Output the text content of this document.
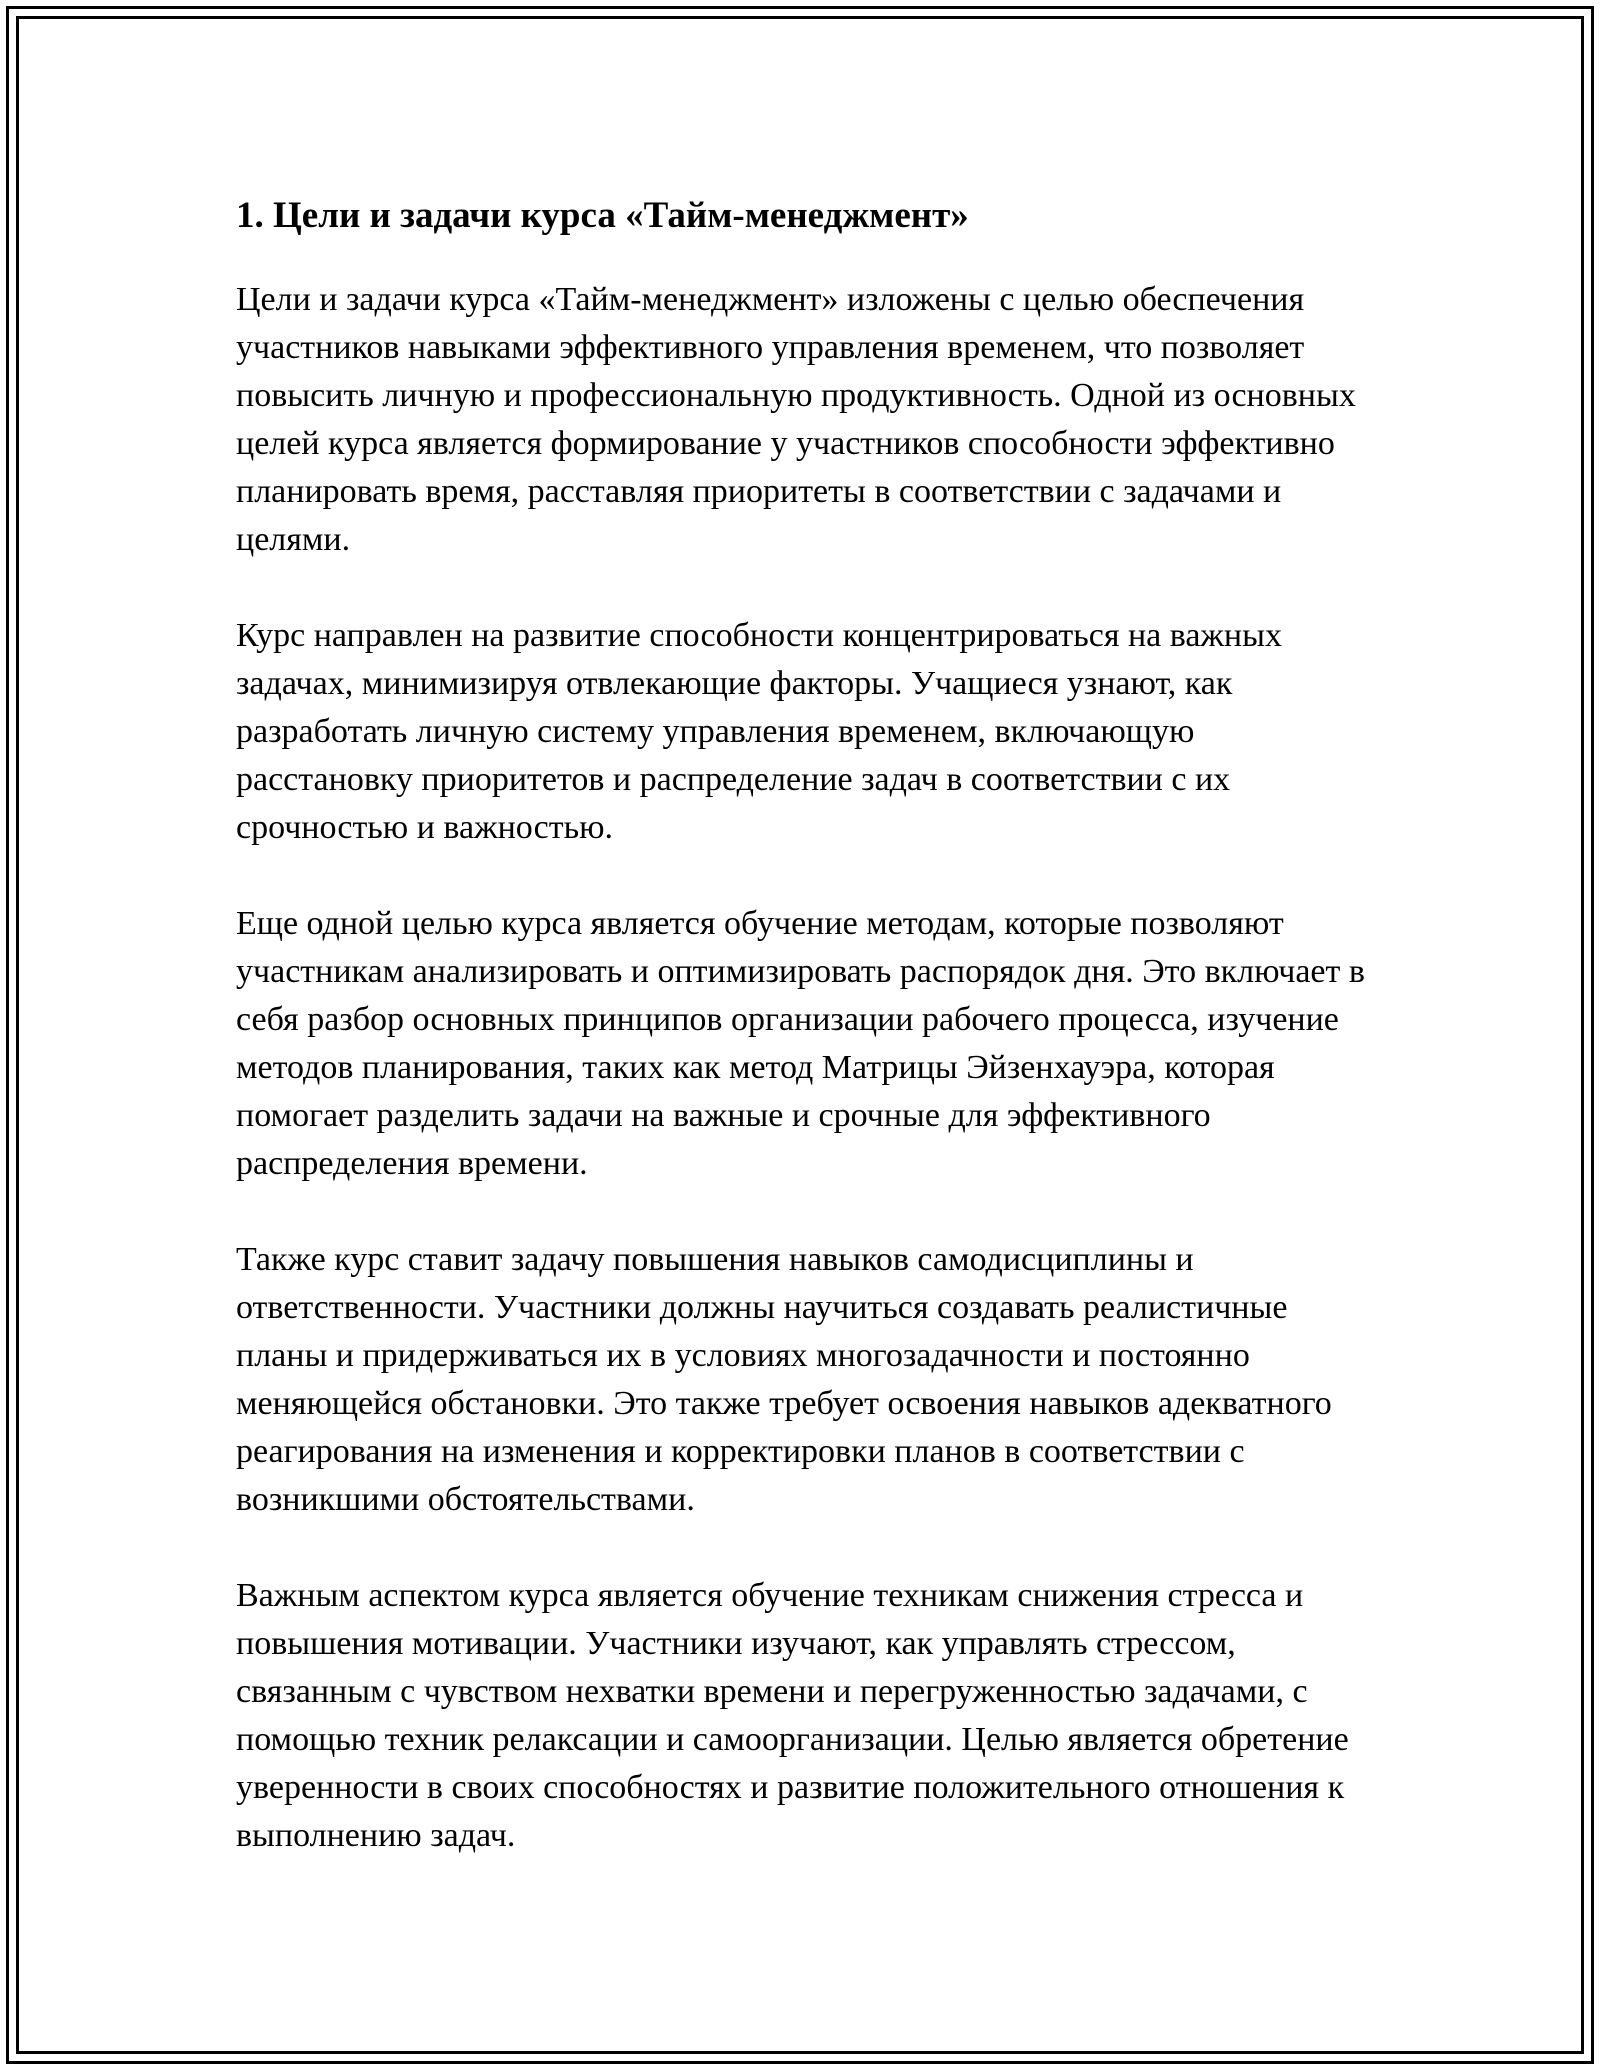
1. Цели и задачи курса «Тайм-менеджмент»

Цели и задачи курса «Тайм-менеджмент» изложены с целью обеспечения участников навыками эффективного управления временем, что позволяет повысить личную и профессиональную продуктивность. Одной из основных целей курса является формирование у участников способности эффективно планировать время, расставляя приоритеты в соответствии с задачами и целями.

Курс направлен на развитие способности концентрироваться на важных задачах, минимизируя отвлекающие факторы. Учащиеся узнают, как разработать личную систему управления временем, включающую расстановку приоритетов и распределение задач в соответствии с их срочностью и важностью.

Еще одной целью курса является обучение методам, которые позволяют участникам анализировать и оптимизировать распорядок дня. Это включает в себя разбор основных принципов организации рабочего процесса, изучение методов планирования, таких как метод Матрицы Эйзенхауэра, которая помогает разделить задачи на важные и срочные для эффективного распределения времени.

Также курс ставит задачу повышения навыков самодисциплины и ответственности. Участники должны научиться создавать реалистичные планы и придерживаться их в условиях многозадачности и постоянно меняющейся обстановки. Это также требует освоения навыков адекватного реагирования на изменения и корректировки планов в соответствии с возникшими обстоятельствами.

Важным аспектом курса является обучение техникам снижения стресса и повышения мотивации. Участники изучают, как управлять стрессом, связанным с чувством нехватки времени и перегруженностью задачами, с помощью техник релаксации и самоорганизации. Целью является обретение уверенности в своих способностях и развитие положительного отношения к выполнению задач.
